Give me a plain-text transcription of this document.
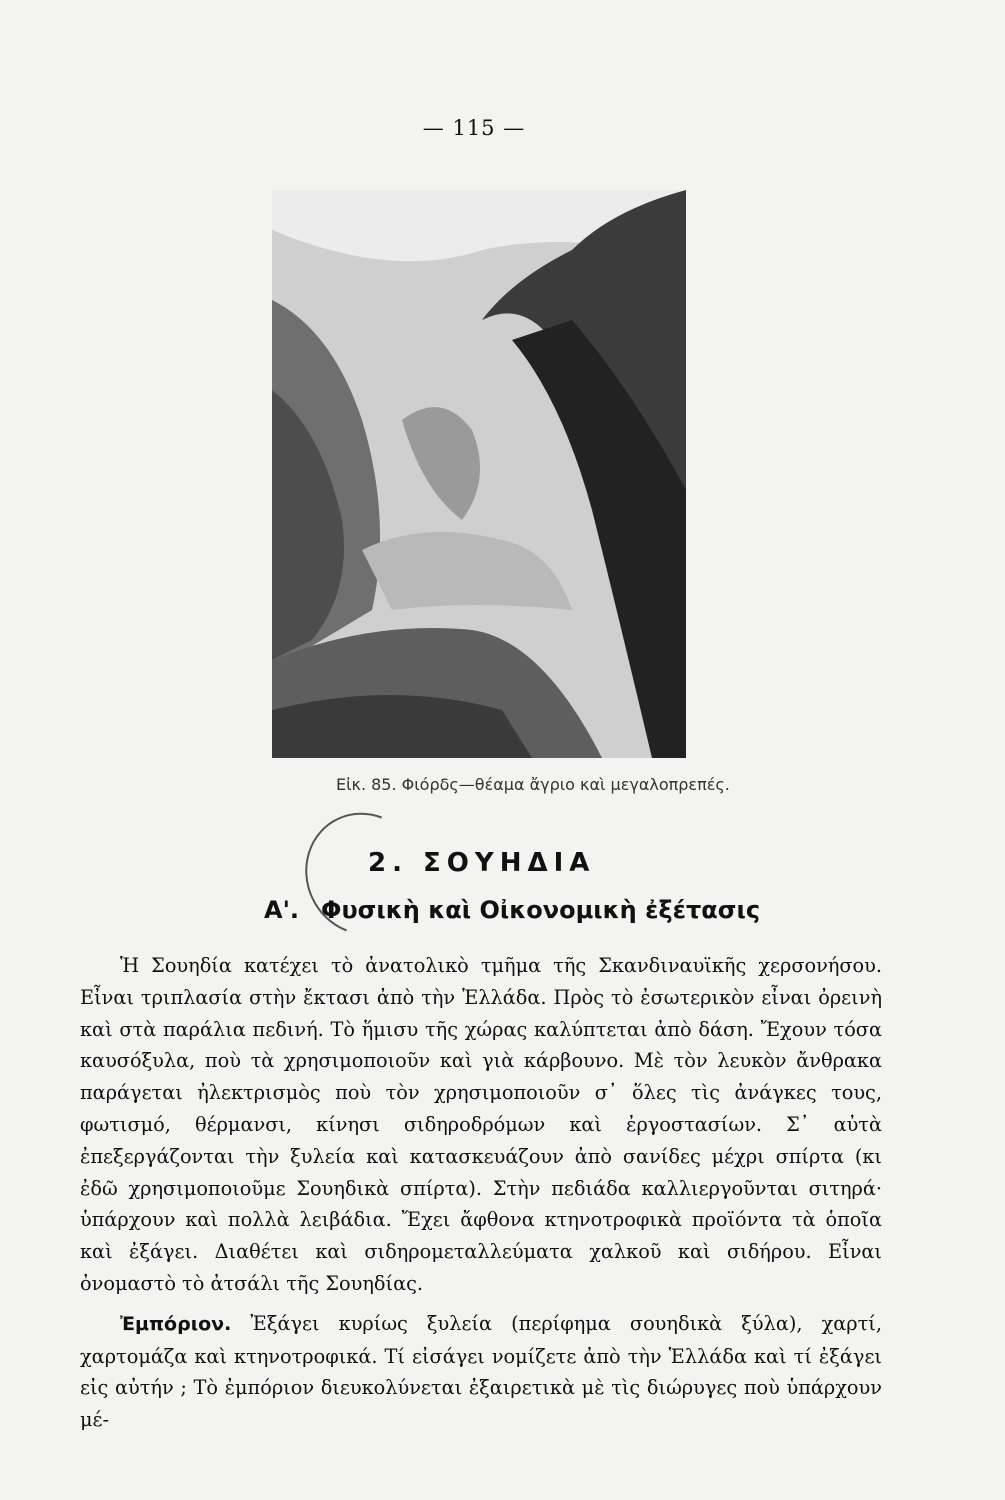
— 115 —
Εἰκ. 85. Φιόρδς—θέαμα ἄγριο καὶ μεγαλοπρεπές.
2. ΣΟΥΗΔΙΑ
Α'. Φυσικὴ καὶ Οἰκονομικὴ ἐξέτασις

Ἡ Σουηδία κατέχει τὸ ἀνατολικὸ τμῆμα τῆς Σκανδιναυϊκῆς χερσονήσου. Εἶναι τριπλασία στὴν ἔκτασι ἀπὸ τὴν Ἑλλάδα. Πρὸς τὸ ἐσωτερικὸν εἶναι ὀρεινὴ καὶ στὰ παράλια πεδινή. Τὸ ἥμισυ τῆς χώρας καλύπτεται ἀπὸ δάση. Ἔχουν τόσα καυσόξυλα, ποὺ τὰ χρησιμοποιοῦν καὶ γιὰ κάρβουνο. Μὲ τὸν λευκὸν ἄνθρακα παράγεται ἠλεκτρισμὸς ποὺ τὸν χρησιμοποιοῦν σ᾿ ὅλες τὶς ἀνάγκες τους, φωτισμό, θέρμανσι, κίνησι σιδηροδρόμων καὶ ἐργοστασίων. Σ᾿ αὐτὰ ἐπεξεργάζονται τὴν ξυλεία καὶ κατασκευάζουν ἀπὸ σανίδες μέχρι σπίρτα (κι ἐδῶ χρησιμοποιοῦμε Σουηδικὰ σπίρτα). Στὴν πεδιάδα καλλιεργοῦνται σιτηρά· ὑπάρχουν καὶ πολλὰ λειβάδια. Ἔχει ἄφθονα κτηνοτροφικὰ προϊόντα τὰ ὁποῖα καὶ ἐξάγει. Διαθέτει καὶ σιδηρομεταλλεύματα χαλκοῦ καὶ σιδήρου. Εἶναι ὀνομαστὸ τὸ ἀτσάλι τῆς Σουηδίας.

Ἐμπόριον. Ἐξάγει κυρίως ξυλεία (περίφημα σουηδικὰ ξύλα), χαρτί, χαρτομάζα καὶ κτηνοτροφικά. Τί εἰσάγει νομίζετε ἀπὸ τὴν Ἑλλάδα καὶ τί ἐξάγει εἰς αὐτήν ; Τὸ ἐμπόριον διευκολύνεται ἐξαιρετικὰ μὲ τὶς διώρυγες ποὺ ὑπάρχουν μέ-
